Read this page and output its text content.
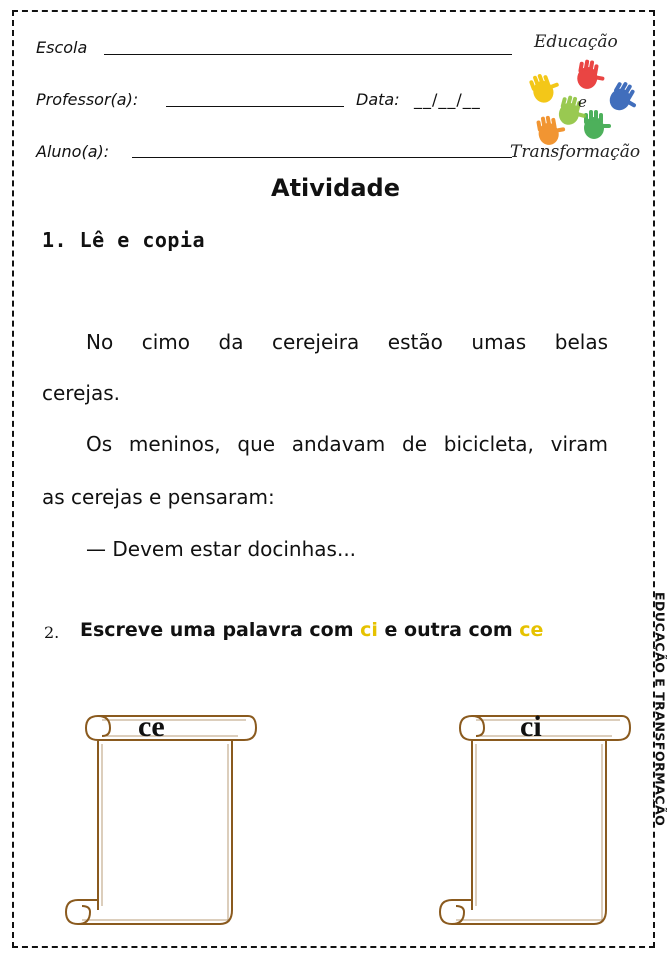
Escola
Professor(a):	Data: __/__/__
Aluno(a):
Educação
e
Transformação
Atividade
1. Lê e copia
No cimo da cerejeira estão umas belas
cerejas.
Os meninos, que andavam de bicicleta, viram
as cerejas e pensaram:
— Devem estar docinhas...
2. Escreve uma palavra com ci e outra com ce
ce	ci	EDUCAÇÃO E TRANSFORMAÇÃO
